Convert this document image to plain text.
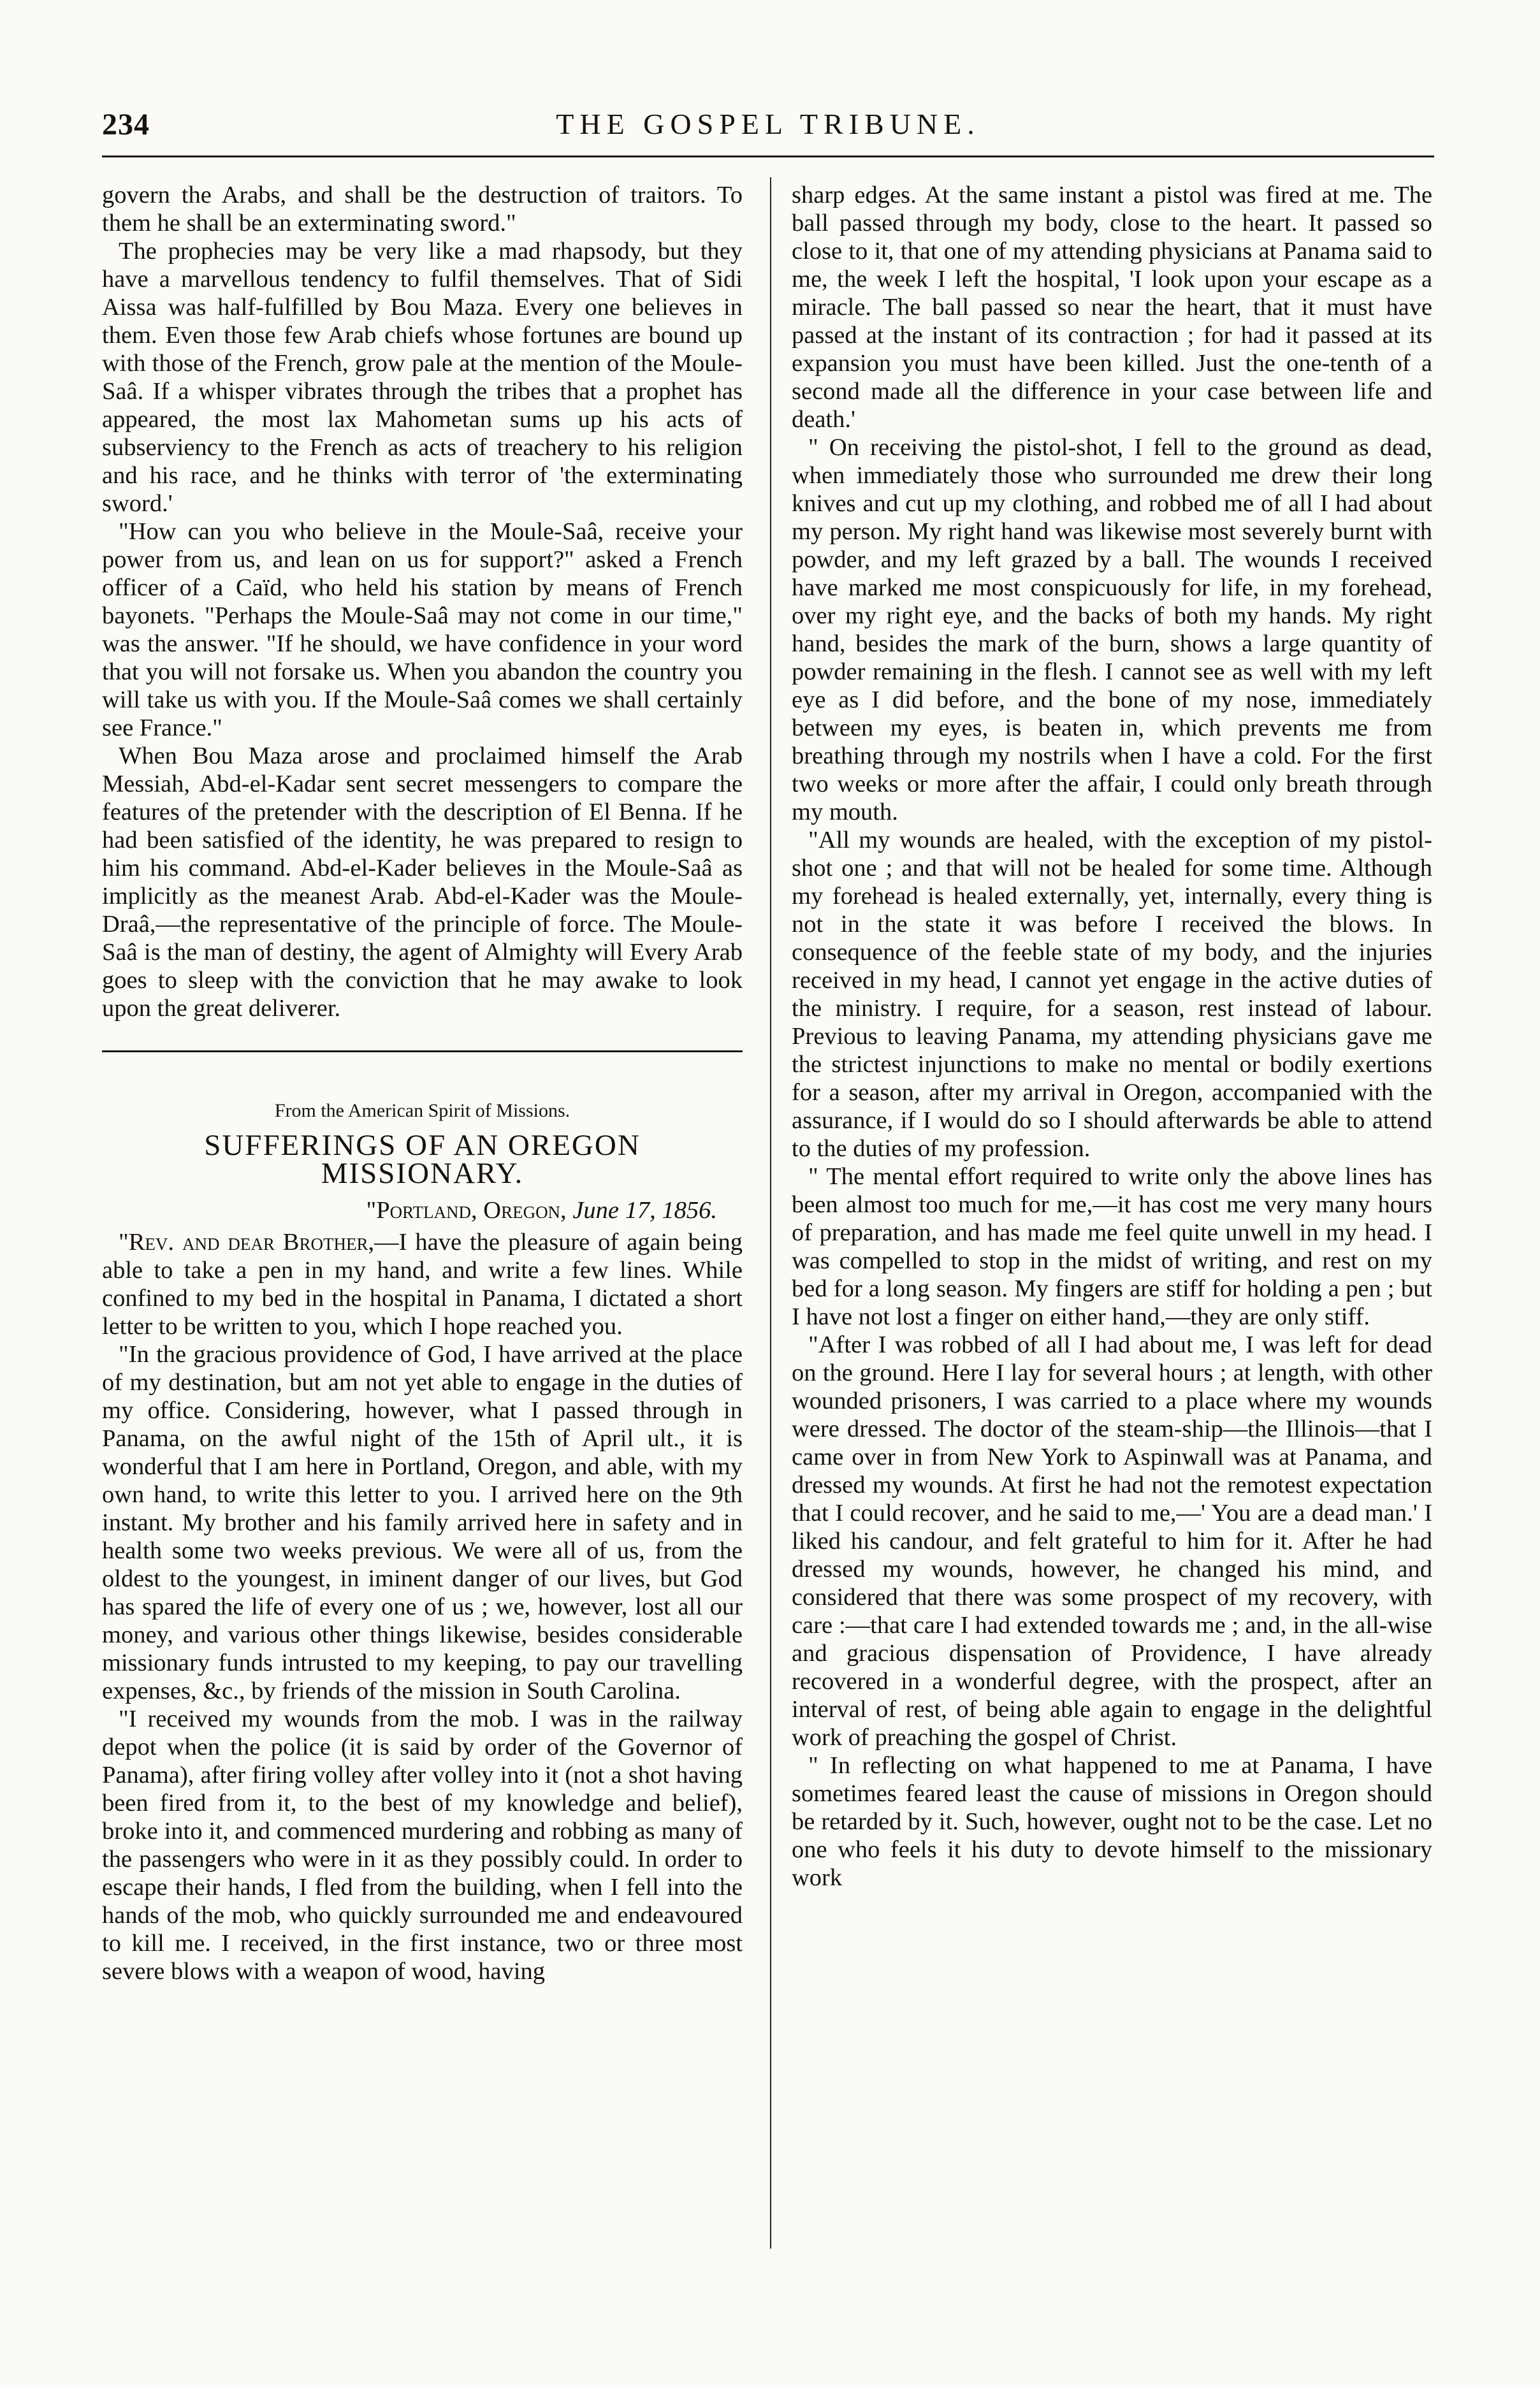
234	THE GOSPEL TRIBUNE.

govern the Arabs, and shall be the destruction of traitors. To them he shall be an exterminating sword."

The prophecies may be very like a mad rhapsody, but they have a marvellous tendency to fulfil themselves. That of Sidi Aissa was half-fulfilled by Bou Maza. Every one believes in them. Even those few Arab chiefs whose fortunes are bound up with those of the French, grow pale at the mention of the Moule-Saâ. If a whisper vibrates through the tribes that a prophet has appeared, the most lax Mahometan sums up his acts of subserviency to the French as acts of treachery to his religion and his race, and he thinks with terror of 'the exterminating sword.'

"How can you who believe in the Moule-Saâ, receive your power from us, and lean on us for support?" asked a French officer of a Caïd, who held his station by means of French bayonets. "Perhaps the Moule-Saâ may not come in our time," was the answer. "If he should, we have confidence in your word that you will not forsake us. When you abandon the country you will take us with you. If the Moule-Saâ comes we shall certainly see France."

When Bou Maza arose and proclaimed himself the Arab Messiah, Abd-el-Kadar sent secret messengers to compare the features of the pretender with the description of El Benna. If he had been satisfied of the identity, he was prepared to resign to him his command. Abd-el-Kader believes in the Moule-Saâ as implicitly as the meanest Arab. Abd-el-Kader was the Moule-Draâ,—the representative of the principle of force. The Moule-Saâ is the man of destiny, the agent of Almighty will Every Arab goes to sleep with the conviction that he may awake to look upon the great deliverer.

From the American Spirit of Missions.
SUFFERINGS OF AN OREGON MISSIONARY.
"Portland, Oregon, June 17, 1856.

"Rev. and dear Brother,—I have the pleasure of again being able to take a pen in my hand, and write a few lines. While confined to my bed in the hospital in Panama, I dictated a short letter to be written to you, which I hope reached you.

"In the gracious providence of God, I have arrived at the place of my destination, but am not yet able to engage in the duties of my office. Considering, however, what I passed through in Panama, on the awful night of the 15th of April ult., it is wonderful that I am here in Portland, Oregon, and able, with my own hand, to write this letter to you. I arrived here on the 9th instant. My brother and his family arrived here in safety and in health some two weeks previous. We were all of us, from the oldest to the youngest, in iminent danger of our lives, but God has spared the life of every one of us ; we, however, lost all our money, and various other things likewise, besides considerable missionary funds intrusted to my keeping, to pay our travelling expenses, &c., by friends of the mission in South Carolina.

"I received my wounds from the mob. I was in the railway depot when the police (it is said by order of the Governor of Panama), after firing volley after volley into it (not a shot having been fired from it, to the best of my knowledge and belief), broke into it, and commenced murdering and robbing as many of the passengers who were in it as they possibly could. In order to escape their hands, I fled from the building, when I fell into the hands of the mob, who quickly surrounded me and endeavoured to kill me. I received, in the first instance, two or three most severe blows with a weapon of wood, having

sharp edges. At the same instant a pistol was fired at me. The ball passed through my body, close to the heart. It passed so close to it, that one of my attending physicians at Panama said to me, the week I left the hospital, 'I look upon your escape as a miracle. The ball passed so near the heart, that it must have passed at the instant of its contraction ; for had it passed at its expansion you must have been killed. Just the one-tenth of a second made all the difference in your case between life and death.'

" On receiving the pistol-shot, I fell to the ground as dead, when immediately those who surrounded me drew their long knives and cut up my clothing, and robbed me of all I had about my person. My right hand was likewise most severely burnt with powder, and my left grazed by a ball. The wounds I received have marked me most conspicuously for life, in my forehead, over my right eye, and the backs of both my hands. My right hand, besides the mark of the burn, shows a large quantity of powder remaining in the flesh. I cannot see as well with my left eye as I did before, and the bone of my nose, immediately between my eyes, is beaten in, which prevents me from breathing through my nostrils when I have a cold. For the first two weeks or more after the affair, I could only breath through my mouth.

"All my wounds are healed, with the exception of my pistol-shot one ; and that will not be healed for some time. Although my forehead is healed externally, yet, internally, every thing is not in the state it was before I received the blows. In consequence of the feeble state of my body, and the injuries received in my head, I cannot yet engage in the active duties of the ministry. I require, for a season, rest instead of labour. Previous to leaving Panama, my attending physicians gave me the strictest injunctions to make no mental or bodily exertions for a season, after my arrival in Oregon, accompanied with the assurance, if I would do so I should afterwards be able to attend to the duties of my profession.

" The mental effort required to write only the above lines has been almost too much for me,—it has cost me very many hours of preparation, and has made me feel quite unwell in my head. I was compelled to stop in the midst of writing, and rest on my bed for a long season. My fingers are stiff for holding a pen ; but I have not lost a finger on either hand,—they are only stiff.

"After I was robbed of all I had about me, I was left for dead on the ground. Here I lay for several hours ; at length, with other wounded prisoners, I was carried to a place where my wounds were dressed. The doctor of the steam-ship—the Illinois—that I came over in from New York to Aspinwall was at Panama, and dressed my wounds. At first he had not the remotest expectation that I could recover, and he said to me,—' You are a dead man.' I liked his candour, and felt grateful to him for it. After he had dressed my wounds, however, he changed his mind, and considered that there was some prospect of my recovery, with care :—that care I had extended towards me ; and, in the all-wise and gracious dispensation of Providence, I have already recovered in a wonderful degree, with the prospect, after an interval of rest, of being able again to engage in the delightful work of preaching the gospel of Christ.

" In reflecting on what happened to me at Panama, I have sometimes feared least the cause of missions in Oregon should be retarded by it. Such, however, ought not to be the case. Let no one who feels it his duty to devote himself to the missionary work
